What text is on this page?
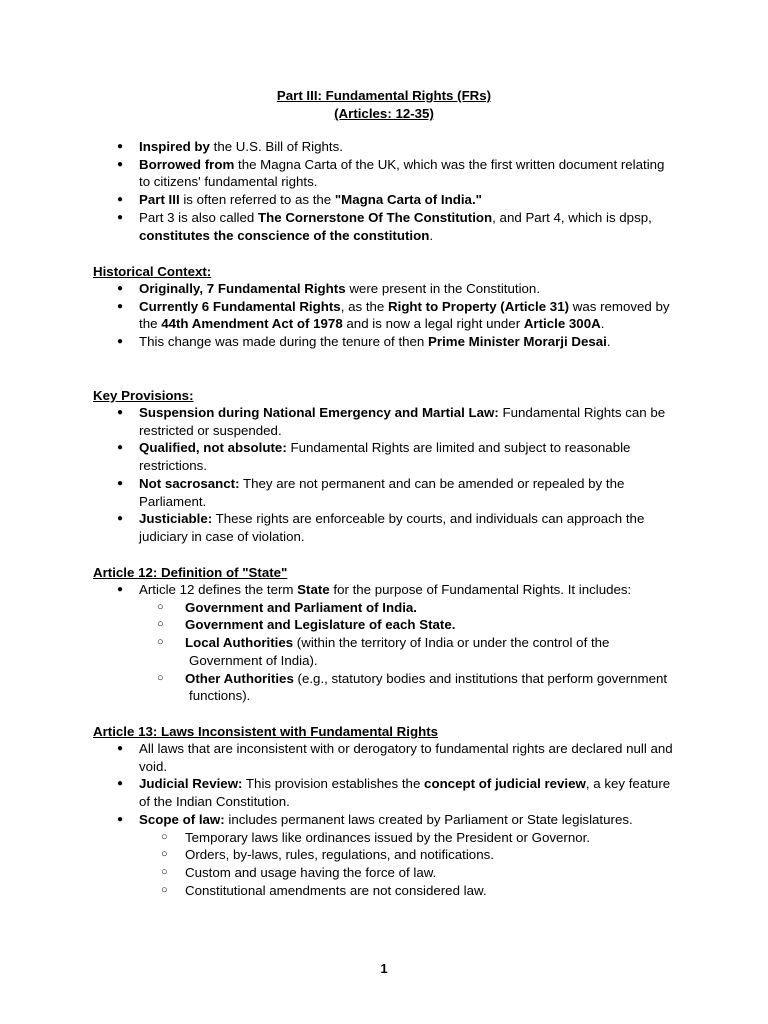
Part III: Fundamental Rights (FRs)
(Articles: 12-35)
● Inspired by the U.S. Bill of Rights.
● Borrowed from the Magna Carta of the UK, which was the first written document relating to citizens' fundamental rights.
● Part III is often referred to as the "Magna Carta of India."
● Part 3 is also called The Cornerstone Of The Constitution, and Part 4, which is dpsp, constitutes the conscience of the constitution.
Historical Context:
● Originally, 7 Fundamental Rights were present in the Constitution.
● Currently 6 Fundamental Rights, as the Right to Property (Article 31) was removed by the 44th Amendment Act of 1978 and is now a legal right under Article 300A.
● This change was made during the tenure of then Prime Minister Morarji Desai.
Key Provisions:
● Suspension during National Emergency and Martial Law: Fundamental Rights can be restricted or suspended.
● Qualified, not absolute: Fundamental Rights are limited and subject to reasonable restrictions.
● Not sacrosanct: They are not permanent and can be amended or repealed by the Parliament.
● Justiciable: These rights are enforceable by courts, and individuals can approach the judiciary in case of violation.
Article 12: Definition of "State"
● Article 12 defines the term State for the purpose of Fundamental Rights. It includes:
○ Government and Parliament of India.
○ Government and Legislature of each State.
○ Local Authorities (within the territory of India or under the control of the Government of India).
○ Other Authorities (e.g., statutory bodies and institutions that perform government functions).
Article 13: Laws Inconsistent with Fundamental Rights
● All laws that are inconsistent with or derogatory to fundamental rights are declared null and void.
● Judicial Review: This provision establishes the concept of judicial review, a key feature of the Indian Constitution.
● Scope of law: includes permanent laws created by Parliament or State legislatures.
○ Temporary laws like ordinances issued by the President or Governor.
○ Orders, by-laws, rules, regulations, and notifications.
○ Custom and usage having the force of law.
○ Constitutional amendments are not considered law.
1
